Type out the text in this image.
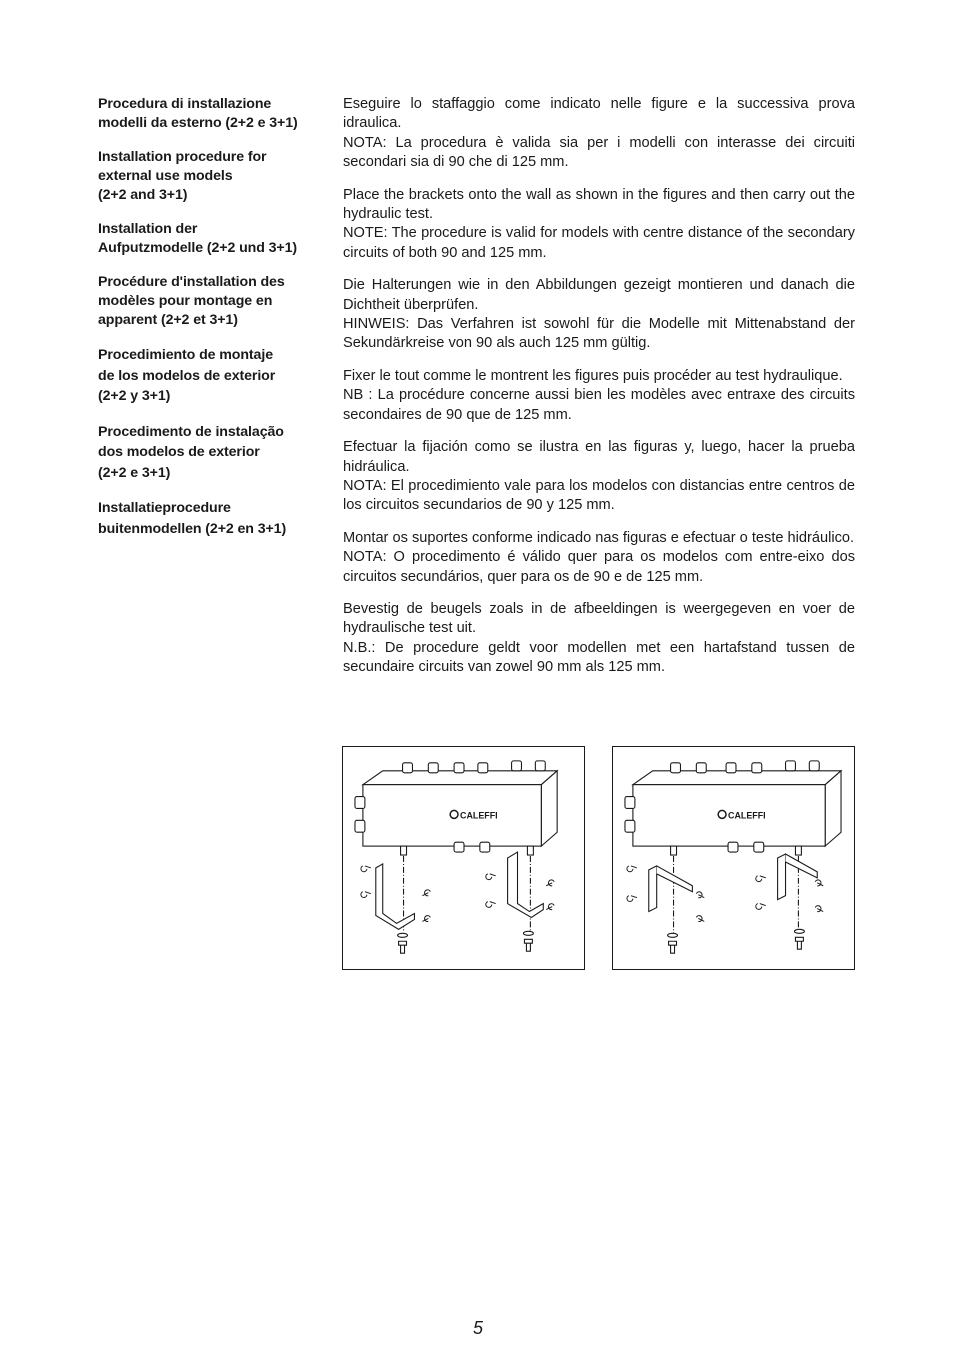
Procedura di installazione
modelli da esterno (2+2 e 3+1)

Installation procedure for
external use models
(2+2 and 3+1)

Installation der
Aufputzmodelle (2+2 und 3+1)

Procédure d'installation des
modèles pour montage en
apparent (2+2 et 3+1)

Procedimiento de montaje
de los modelos de exterior
(2+2 y 3+1)

Procedimento de instalação
dos modelos de exterior
(2+2 e 3+1)

Installatieprocedure
buitenmodellen (2+2 en 3+1)

Eseguire lo staffaggio come indicato nelle figure e la successiva prova idraulica.
NOTA: La procedura è valida sia per i modelli con interasse dei circuiti secondari sia di 90 che di 125 mm.

Place the brackets onto the wall as shown in the figures and then carry out the hydraulic test.
NOTE: The procedure is valid for models with centre distance of the secondary circuits of both 90 and 125 mm.

Die Halterungen wie in den Abbildungen gezeigt montieren und danach die Dichtheit überprüfen.
HINWEIS: Das Verfahren ist sowohl für die Modelle mit Mittenabstand der Sekundärkreise von 90 als auch 125 mm gültig.

Fixer le tout comme le montrent les figures puis procéder au test hydraulique.
NB : La procédure concerne aussi bien les modèles avec entraxe des circuits secondaires de 90 que de 125 mm.

Efectuar la fijación como se ilustra en las figuras y, luego, hacer la prueba hidráulica.
NOTA: El procedimiento vale para los modelos con distancias entre centros de los circuitos secundarios de 90 y 125 mm.

Montar os suportes conforme indicado nas figuras e efectuar o teste hidráulico.
NOTA: O procedimento é válido quer para os modelos com entre-eixo dos circuitos secundários, quer para os de 90 e de 125 mm.

Bevestig de beugels zoals in de afbeeldingen is weergegeven en voer de hydraulische test uit.
N.B.: De procedure geldt voor modellen met een hartafstand tussen de secundaire circuits van zowel 90 mm als 125 mm.

CALEFFI	CALEFFI
5
